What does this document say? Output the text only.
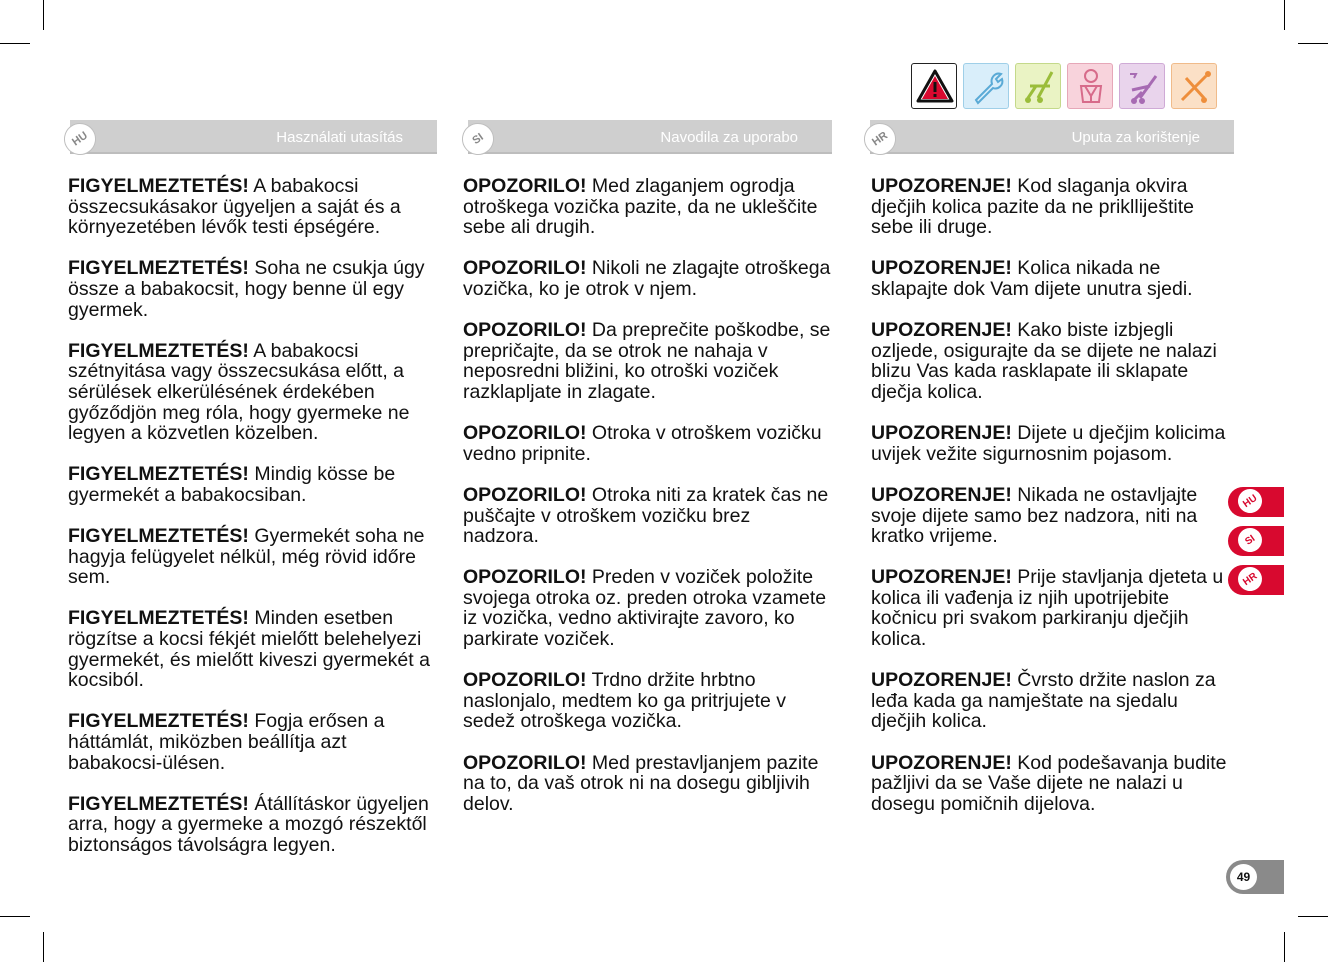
HU	Használati utasítás	SI	Navodila za uporabo	HR	Uputa za korištenje

FIGYELMEZTETÉS! A babakocsi összecsukásakor ügyeljen a saját és a környezetében lévők testi épségére.

FIGYELMEZTETÉS! Soha ne csukja úgy össze a babakocsit, hogy benne ül egy gyermek.

FIGYELMEZTETÉS! A babakocsi szétnyitása vagy összecsukása előtt, a sérülések elkerülésének érdekében győződjön meg róla, hogy gyermeke ne legyen a közvetlen közelben.

FIGYELMEZTETÉS! Mindig kösse be gyermekét a babakocsiban.

FIGYELMEZTETÉS! Gyermekét soha ne hagyja felügyelet nélkül, még rövid időre sem.

FIGYELMEZTETÉS! Minden esetben rögzítse a kocsi fékjét mielőtt belehelyezi gyermekét, és mielőtt kiveszi gyermekét a kocsiból.

FIGYELMEZTETÉS! Fogja erősen a háttámlát, miközben beállítja azt babakocsi-ülésen.

FIGYELMEZTETÉS! Átállításkor ügyeljen arra, hogy a gyermeke a mozgó részektől biztonságos távolságra legyen.

OPOZORILO! Med zlaganjem ogrodja otroškega vozička pazite, da ne ukleščite sebe ali drugih.

OPOZORILO! Nikoli ne zlagajte otroškega vozička, ko je otrok v njem.

OPOZORILO! Da preprečite poškodbe, se prepričajte, da se otrok ne nahaja v neposredni bližini, ko otroški voziček razklapljate in zlagate.

OPOZORILO! Otroka v otroškem vozičku vedno pripnite.

OPOZORILO! Otroka niti za kratek čas ne puščajte v otroškem vozičku brez nadzora.

OPOZORILO! Preden v voziček položite svojega otroka oz. preden otroka vzamete iz vozička, vedno aktivirajte zavoro, ko parkirate voziček.

OPOZORILO! Trdno držite hrbtno naslonjalo, medtem ko ga pritrjujete v sedež otroškega vozička.

OPOZORILO! Med prestavljanjem pazite na to, da vaš otrok ni na dosegu gibljivih delov.

UPOZORENJE! Kod slaganja okvira dječjih kolica pazite da ne priklliještite sebe ili druge.

UPOZORENJE! Kolica nikada ne sklapajte dok Vam dijete unutra sjedi.

UPOZORENJE! Kako biste izbjegli ozljede, osigurajte da se dijete ne nalazi blizu Vas kada rasklapate ili sklapate dječja kolica.

UPOZORENJE! Dijete u dječjim kolicima uvijek vežite sigurnosnim pojasom.

UPOZORENJE! Nikada ne ostavljajte svoje dijete samo bez nadzora, niti na kratko vrijeme.

UPOZORENJE! Prije stavljanja djeteta u kolica ili vađenja iz njih upotrijebite kočnicu pri svakom parkiranju dječjih kolica.

UPOZORENJE! Čvrsto držite naslon za leđa kada ga namještate na sjedalu dječjih kolica.

UPOZORENJE! Kod podešavanja budite pažljivi da se Vaše dijete ne nalazi u dosegu pomičnih dijelova.

HU
SI
HR
49
